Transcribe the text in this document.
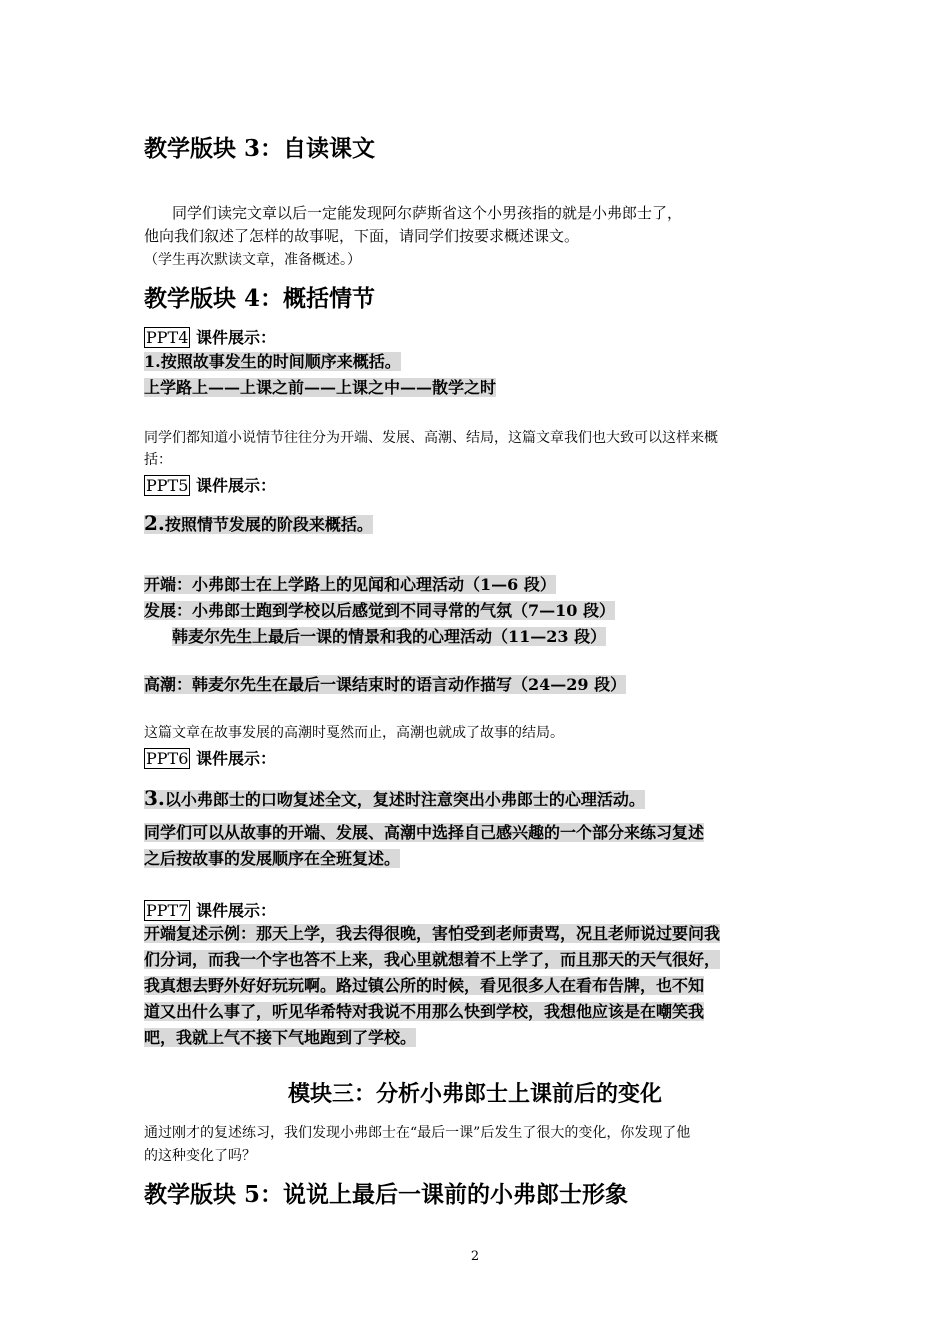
教学版块 3：自读课文
同学们读完文章以后一定能发现阿尔萨斯省这个小男孩指的就是小弗郎士了，
他向我们叙述了怎样的故事呢，下面，请同学们按要求概述课文。
（学生再次默读文章，准备概述。）
教学版块 4：概括情节
PPT4 课件展示：
1.按照故事发生的时间顺序来概括。
上学路上——上课之前——上课之中——散学之时
同学们都知道小说情节往往分为开端、发展、高潮、结局，这篇文章我们也大致可以这样来概
括：
PPT5 课件展示：
2.按照情节发展的阶段来概括。
开端：小弗郎士在上学路上的见闻和心理活动（1—6 段）
发展：小弗郎士跑到学校以后感觉到不同寻常的气氛（7—10 段）
韩麦尔先生上最后一课的情景和我的心理活动（11—23 段）
高潮：韩麦尔先生在最后一课结束时的语言动作描写（24—29 段）
这篇文章在故事发展的高潮时戛然而止，高潮也就成了故事的结局。
PPT6 课件展示：
3.以小弗郎士的口吻复述全文，复述时注意突出小弗郎士的心理活动。
同学们可以从故事的开端、发展、高潮中选择自己感兴趣的一个部分来练习复述
之后按故事的发展顺序在全班复述。
PPT7 课件展示：
开端复述示例：那天上学，我去得很晚，害怕受到老师责骂，况且老师说过要问我
们分词，而我一个字也答不上来，我心里就想着不上学了，而且那天的天气很好，
我真想去野外好好玩玩啊。路过镇公所的时候，看见很多人在看布告牌，也不知
道又出什么事了，听见华希特对我说不用那么快到学校，我想他应该是在嘲笑我
吧，我就上气不接下气地跑到了学校。
模块三：分析小弗郎士上课前后的变化
通过刚才的复述练习，我们发现小弗郎士在“最后一课”后发生了很大的变化，你发现了他
的这种变化了吗？
教学版块 5：说说上最后一课前的小弗郎士形象
2
